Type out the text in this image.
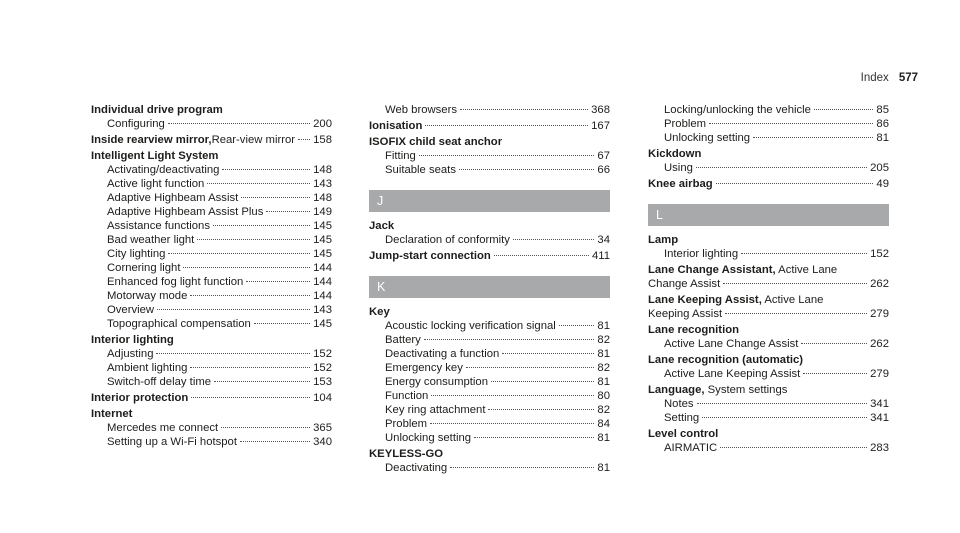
Index 577
Individual drive program
Configuring	200
Inside rearview mirror, Rear-view mirror 158
Intelligent Light System
Activating/deactivating	148
Active light function	143
Adaptive Highbeam Assist	148
Adaptive Highbeam Assist Plus	149
Assistance functions	145
Bad weather light	145
City lighting	145
Cornering light	144
Enhanced fog light function	144
Motorway mode	144
Overview	143
Topographical compensation	145
Interior lighting
Adjusting	152
Ambient lighting	152
Switch-off delay time	153
Interior protection	104
Internet
Mercedes me connect	365
Setting up a Wi-Fi hotspot	340
Web browsers	368
Ionisation	167
ISOFIX child seat anchor
Fitting	67
Suitable seats	66
J
Jack
Declaration of conformity	34
Jump-start connection	411
K
Key
Acoustic locking verification signal	81
Battery	82
Deactivating a function	81
Emergency key	82
Energy consumption	81
Function	80
Key ring attachment	82
Problem	84
Unlocking setting	81
KEYLESS-GO
Deactivating	81
Locking/unlocking the vehicle	85
Problem	86
Unlocking setting	81
Kickdown
Using	205
Knee airbag	49
L
Lamp
Interior lighting	152
Lane Change Assistant, Active Lane
Change Assist	262
Lane Keeping Assist, Active Lane
Keeping Assist	279
Lane recognition
Active Lane Change Assist	262
Lane recognition (automatic)
Active Lane Keeping Assist	279
Language, System settings
Notes	341
Setting	341
Level control
AIRMATIC	283
